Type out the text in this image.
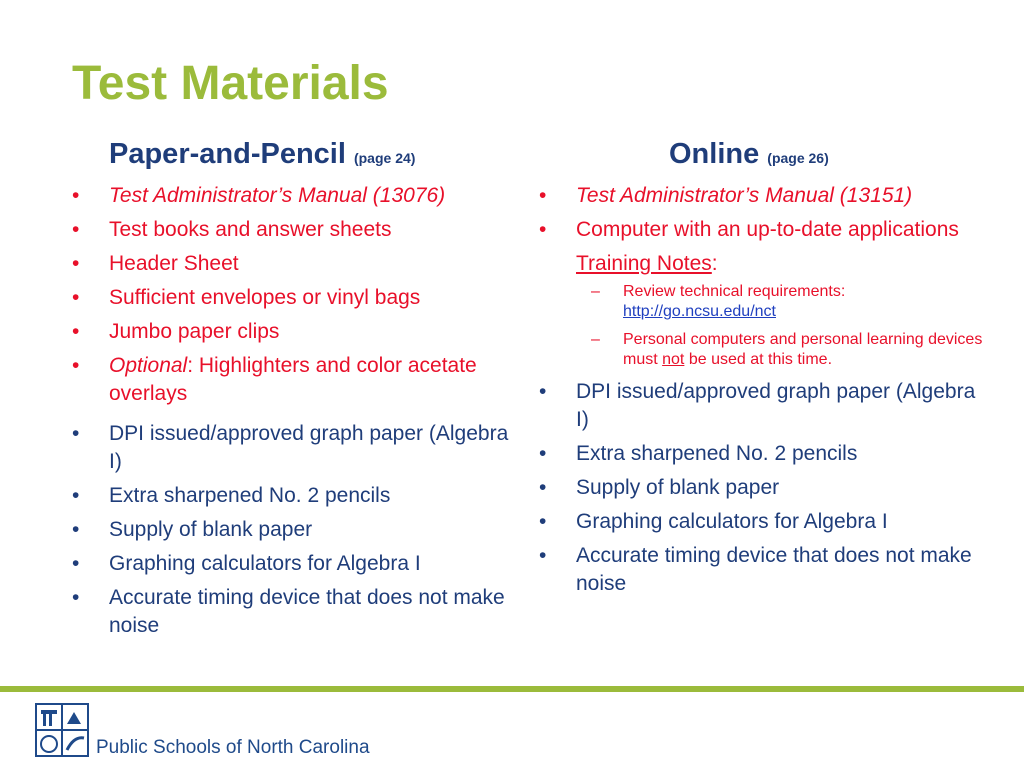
Test Materials
Paper-and-Pencil (page 24)
• Test Administrator’s Manual (13076)
• Test books and answer sheets
• Header Sheet
• Sufficient envelopes or vinyl bags
• Jumbo paper clips
• Optional: Highlighters and color acetate overlays
• DPI issued/approved graph paper (Algebra I)
• Extra sharpened No. 2 pencils
• Supply of blank paper
• Graphing calculators for Algebra I
• Accurate timing device that does not make noise
Online (page 26)
• Test Administrator’s Manual (13151)
• Computer with an up-to-date applications

Training Notes:

– Review technical requirements:
http://go.ncsu.edu/nct
– Personal computers and personal learning devices must not be used at this time.
• DPI issued/approved graph paper (Algebra I)
• Extra sharpened No. 2 pencils
• Supply of blank paper
• Graphing calculators for Algebra I
• Accurate timing device that does not make noise
Public Schools of North Carolina
